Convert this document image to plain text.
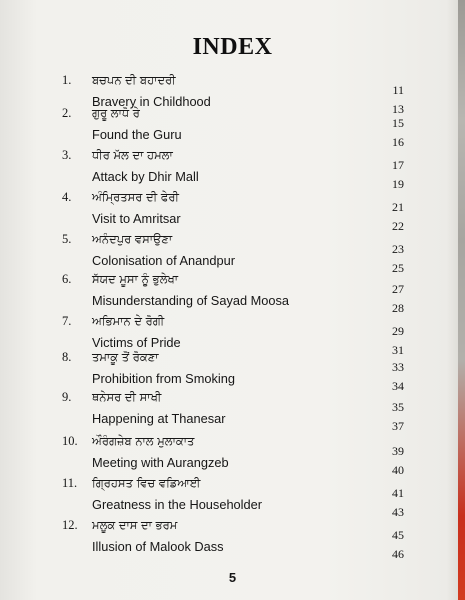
INDEX
1.	ਬਚਪਨ ਦੀ ਬਹਾਦਰੀ
Bravery in Childhood
11
13
2.	ਗੁਰੂ ਲਾਧੋ ਰੇ
Found the Guru
15
16
3.	ਧੀਰ ਮੱਲ ਦਾ ਹਮਲਾ
Attack by Dhir Mall
17
19
4.	ਅੰਮ੍ਰਿਤਸਰ ਦੀ ਫੇਰੀ
Visit to Amritsar
21
22
5.	ਅਨੰਦਪੁਰ ਵਸਾਉਣਾ
Colonisation of Anandpur
23
25
6.	ਸੱਯਦ ਮੂਸਾ ਨੂੰ ਭੁਲੇਖਾ
Misunderstanding of Sayad Moosa
27
28
7.	ਅਭਿਮਾਨ ਦੇ ਰੋਗੀ
Victims of Pride
29
31
8.	ਤਮਾਕੂ ਤੋਂ ਰੋਕਣਾ
Prohibition from Smoking
33
34
9.	ਥਨੇਸਰ ਦੀ ਸਾਖੀ
Happening at Thanesar
35
37
10.	ਔਰੰਗਜ਼ੇਬ ਨਾਲ ਮੁਲਾਕਾਤ
Meeting with Aurangzeb
39
40
11.	ਗ੍ਰਿਹਸਤ ਵਿਚ ਵਡਿਆਈ
Greatness in the Householder
41
43
12.	ਮਲੂਕ ਦਾਸ ਦਾ ਭਰਮ
Illusion of Malook Dass
45
46
5
